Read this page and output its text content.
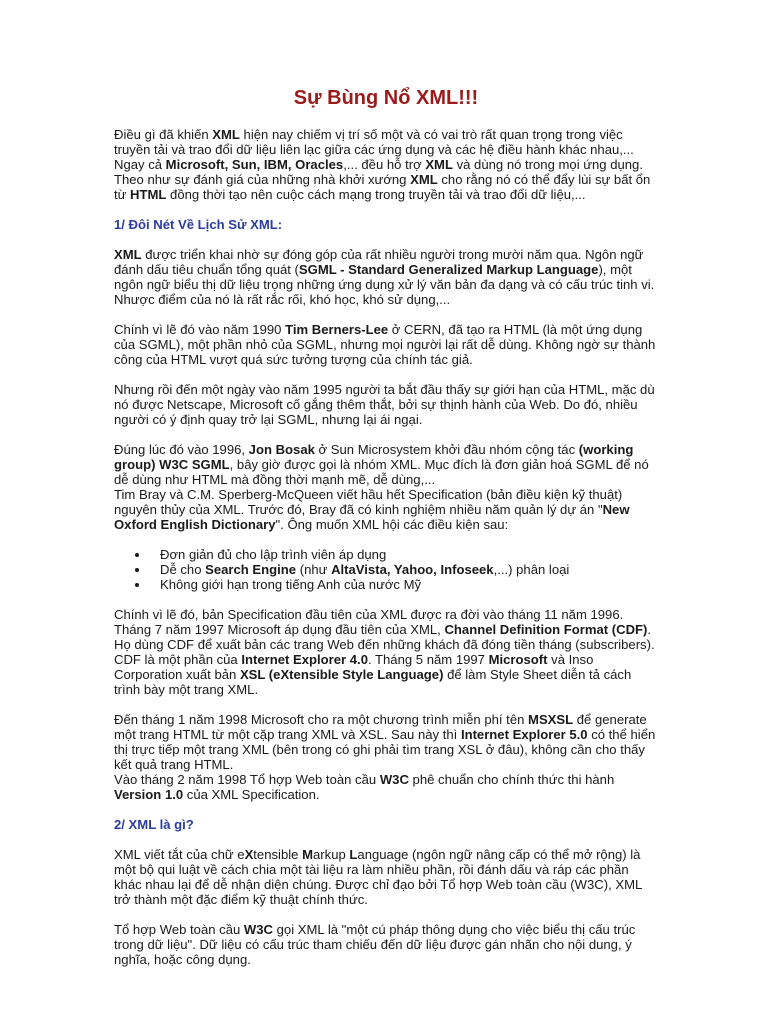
Sự Bùng Nổ XML!!!

Điều gì đã khiến XML hiện nay chiếm vị trí số một và có vai trò rất quan trọng trong việc truyền tải và trao đổi dữ liệu liên lạc giữa các ứng dụng và các hệ điều hành khác nhau,... Ngay cả Microsoft, Sun, IBM, Oracles,... đều hỗ trợ XML và dùng nó trong mọi ứng dụng. Theo như sự đánh giá của những nhà khởi xướng XML cho rằng nó có thể đẩy lùi sự bất ổn từ HTML đồng thời tạo nên cuộc cách mạng trong truyền tải và trao đổi dữ liệu,...

1/ Đôi Nét Về Lịch Sử XML:

XML được triển khai nhờ sự đóng góp của rất nhiều người trong mười năm qua. Ngôn ngữ đánh dấu tiêu chuẩn tổng quát (SGML - Standard Generalized Markup Language), một ngôn ngữ biểu thị dữ liệu trọng những ứng dụng xử lý văn bản đa dạng và có cấu trúc tinh vi. Nhược điểm của nó là rất rắc rối, khó học, khó sử dụng,...

Chính vì lẽ đó vào năm 1990 Tim Berners-Lee ở CERN, đã tạo ra HTML (là một ứng dụng của SGML), một phần nhỏ của SGML, nhưng mọi người lại rất dễ dùng. Không ngờ sự thành công của HTML vượt quá sức tưởng tượng của chính tác giả.

Nhưng rồi đến một ngày vào năm 1995 người ta bắt đầu thấy sự giới hạn của HTML, mặc dù nó được Netscape, Microsoft cố gắng thêm thắt, bởi sự thịnh hành của Web. Do đó, nhiều người có ý định quay trở lại SGML, nhưng lại ái ngại.

Đúng lúc đó vào 1996, Jon Bosak ở Sun Microsystem khởi đầu nhóm cộng tác (working group) W3C SGML, bây giờ được gọi là nhóm XML. Mục đích là đơn giản hoá SGML để nó dễ dùng như HTML mà đồng thời mạnh mẽ, dễ dùng,...
Tim Bray và C.M. Sperberg-McQueen viết hầu hết Specification (bản điều kiện kỹ thuật) nguyên thủy của XML. Trước đó, Bray đã có kinh nghiệm nhiều năm quản lý dự án "New Oxford English Dictionary". Ông muốn XML hội các điều kiện sau:

• Đơn giản đủ cho lập trình viên áp dụng
• Dễ cho Search Engine (như AltaVista, Yahoo, Infoseek,...) phân loại
• Không giới hạn trong tiếng Anh của nước Mỹ

Chính vì lẽ đó, bản Specification đầu tiên của XML được ra đời vào tháng 11 năm 1996. Tháng 7 năm 1997 Microsoft áp dụng đầu tiên của XML, Channel Definition Format (CDF). Họ dùng CDF để xuất bản các trang Web đến những khách đã đóng tiền tháng (subscribers). CDF là một phần của Internet Explorer 4.0. Tháng 5 năm 1997 Microsoft và Inso Corporation xuất bản XSL (eXtensible Style Language) để làm Style Sheet diễn tả cách trình bày một trang XML.

Đến tháng 1 năm 1998 Microsoft cho ra một chương trình miễn phí tên MSXSL để generate một trang HTML từ một cặp trang XML và XSL. Sau này thì Internet Explorer 5.0 có thể hiển thị trực tiếp một trang XML (bên trong có ghi phải tìm trang XSL ở đâu), không cần cho thấy kết quả trang HTML.
Vào tháng 2 năm 1998 Tổ hợp Web toàn cầu W3C phê chuẩn cho chính thức thi hành Version 1.0 của XML Specification.

2/ XML là gì?

XML viết tắt của chữ eXtensible Markup Language (ngôn ngữ nâng cấp có thể mở rộng) là một bộ qui luật về cách chia một tài liệu ra làm nhiều phần, rồi đánh dấu và ráp các phần khác nhau lại để dễ nhận diện chúng. Được chỉ đạo bởi Tổ hợp Web toàn cầu (W3C), XML trở thành một đặc điểm kỹ thuật chính thức.

Tổ hợp Web toàn cầu W3C gọi XML là "một cú pháp thông dụng cho việc biểu thị cấu trúc trong dữ liệu". Dữ liệu có cấu trúc tham chiếu đến dữ liệu được gán nhãn cho nội dung, ý nghĩa, hoặc công dụng.
